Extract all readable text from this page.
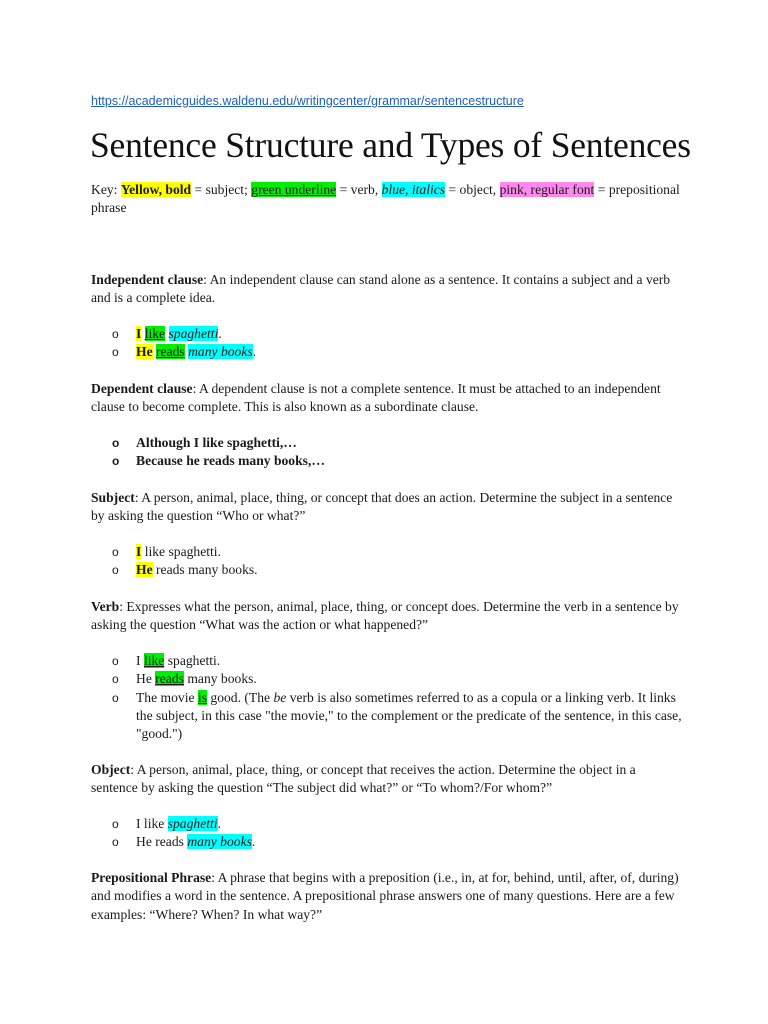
https://academicguides.waldenu.edu/writingcenter/grammar/sentencestructure
Sentence Structure and Types of Sentences

Key: Yellow, bold = subject; green underline = verb, blue, italics = object, pink, regular font = prepositional phrase

Independent clause: An independent clause can stand alone as a sentence. It contains a subject and a verb and is a complete idea.

o I like spaghetti.
o He reads many books.

Dependent clause: A dependent clause is not a complete sentence. It must be attached to an independent clause to become complete. This is also known as a subordinate clause.

o Although I like spaghetti,…
o Because he reads many books,…

Subject: A person, animal, place, thing, or concept that does an action. Determine the subject in a sentence by asking the question “Who or what?”

o I like spaghetti.
o He reads many books.

Verb: Expresses what the person, animal, place, thing, or concept does. Determine the verb in a sentence by asking the question “What was the action or what happened?”

o I like spaghetti.
o He reads many books.
o The movie is good. (The be verb is also sometimes referred to as a copula or a linking verb. It links the subject, in this case "the movie," to the complement or the predicate of the sentence, in this case, "good.")

Object: A person, animal, place, thing, or concept that receives the action. Determine the object in a sentence by asking the question “The subject did what?” or “To whom?/For whom?”

o I like spaghetti.
o He reads many books.

Prepositional Phrase: A phrase that begins with a preposition (i.e., in, at for, behind, until, after, of, during) and modifies a word in the sentence. A prepositional phrase answers one of many questions. Here are a few examples: “Where? When? In what way?”
